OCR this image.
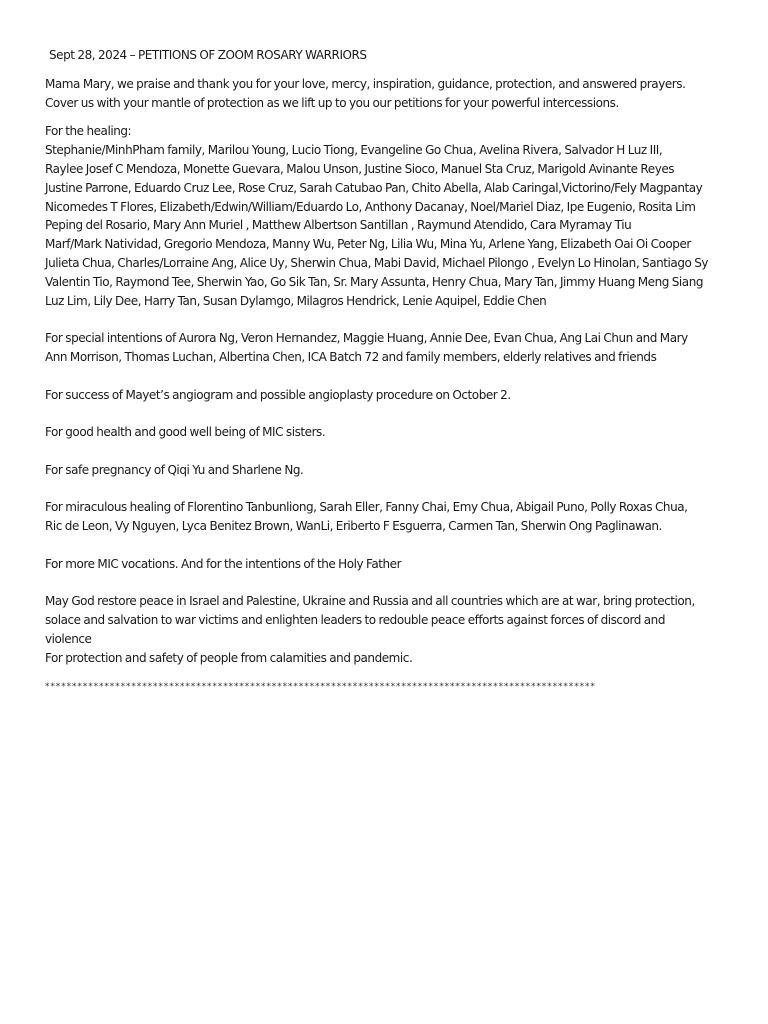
Sept 28, 2024 – PETITIONS OF ZOOM ROSARY WARRIORS
Mama Mary, we praise and thank you for your love, mercy, inspiration, guidance, protection, and answered prayers.
Cover us with your mantle of protection as we lift up to you our petitions for your powerful intercessions.
For the healing:
Stephanie/MinhPham family, Marilou Young, Lucio Tiong, Evangeline Go Chua, Avelina Rivera, Salvador H Luz III,
Raylee Josef C Mendoza, Monette Guevara, Malou Unson, Justine Sioco, Manuel Sta Cruz, Marigold Avinante Reyes
Justine Parrone, Eduardo Cruz Lee, Rose Cruz, Sarah Catubao Pan, Chito Abella, Alab Caringal,Victorino/Fely Magpantay
Nicomedes T Flores, Elizabeth/Edwin/William/Eduardo Lo, Anthony Dacanay, Noel/Mariel Diaz, Ipe Eugenio, Rosita Lim
Peping del Rosario, Mary Ann Muriel , Matthew Albertson Santillan , Raymund Atendido, Cara Myramay Tiu
Marf/Mark Natividad, Gregorio Mendoza, Manny Wu, Peter Ng, Lilia Wu, Mina Yu, Arlene Yang, Elizabeth Oai Oi Cooper
Julieta Chua, Charles/Lorraine Ang, Alice Uy, Sherwin Chua, Mabi David, Michael Pilongo , Evelyn Lo Hinolan, Santiago Sy
Valentin Tio, Raymond Tee, Sherwin Yao, Go Sik Tan, Sr. Mary Assunta, Henry Chua, Mary Tan, Jimmy Huang Meng Siang
Luz Lim, Lily Dee, Harry Tan, Susan Dylamgo, Milagros Hendrick, Lenie Aquipel, Eddie Chen
For special intentions of Aurora Ng, Veron Hernandez, Maggie Huang, Annie Dee, Evan Chua, Ang Lai Chun and Mary
Ann Morrison, Thomas Luchan, Albertina Chen, ICA Batch 72 and family members, elderly relatives and friends
For success of Mayet’s angiogram and possible angioplasty procedure on October 2.
For good health and good well being of MIC sisters.
For safe pregnancy of Qiqi Yu and Sharlene Ng.
For miraculous healing of Florentino Tanbunliong, Sarah Eller, Fanny Chai, Emy Chua, Abigail Puno, Polly Roxas Chua,
Ric de Leon, Vy Nguyen, Lyca Benitez Brown, WanLi, Eriberto F Esguerra, Carmen Tan, Sherwin Ong Paglinawan.
For more MIC vocations. And for the intentions of the Holy Father
May God restore peace in Israel and Palestine, Ukraine and Russia and all countries which are at war, bring protection,
solace and salvation to war victims and enlighten leaders to redouble peace efforts against forces of discord and
violence
For protection and safety of people from calamities and pandemic.
******************************************************************************************************
